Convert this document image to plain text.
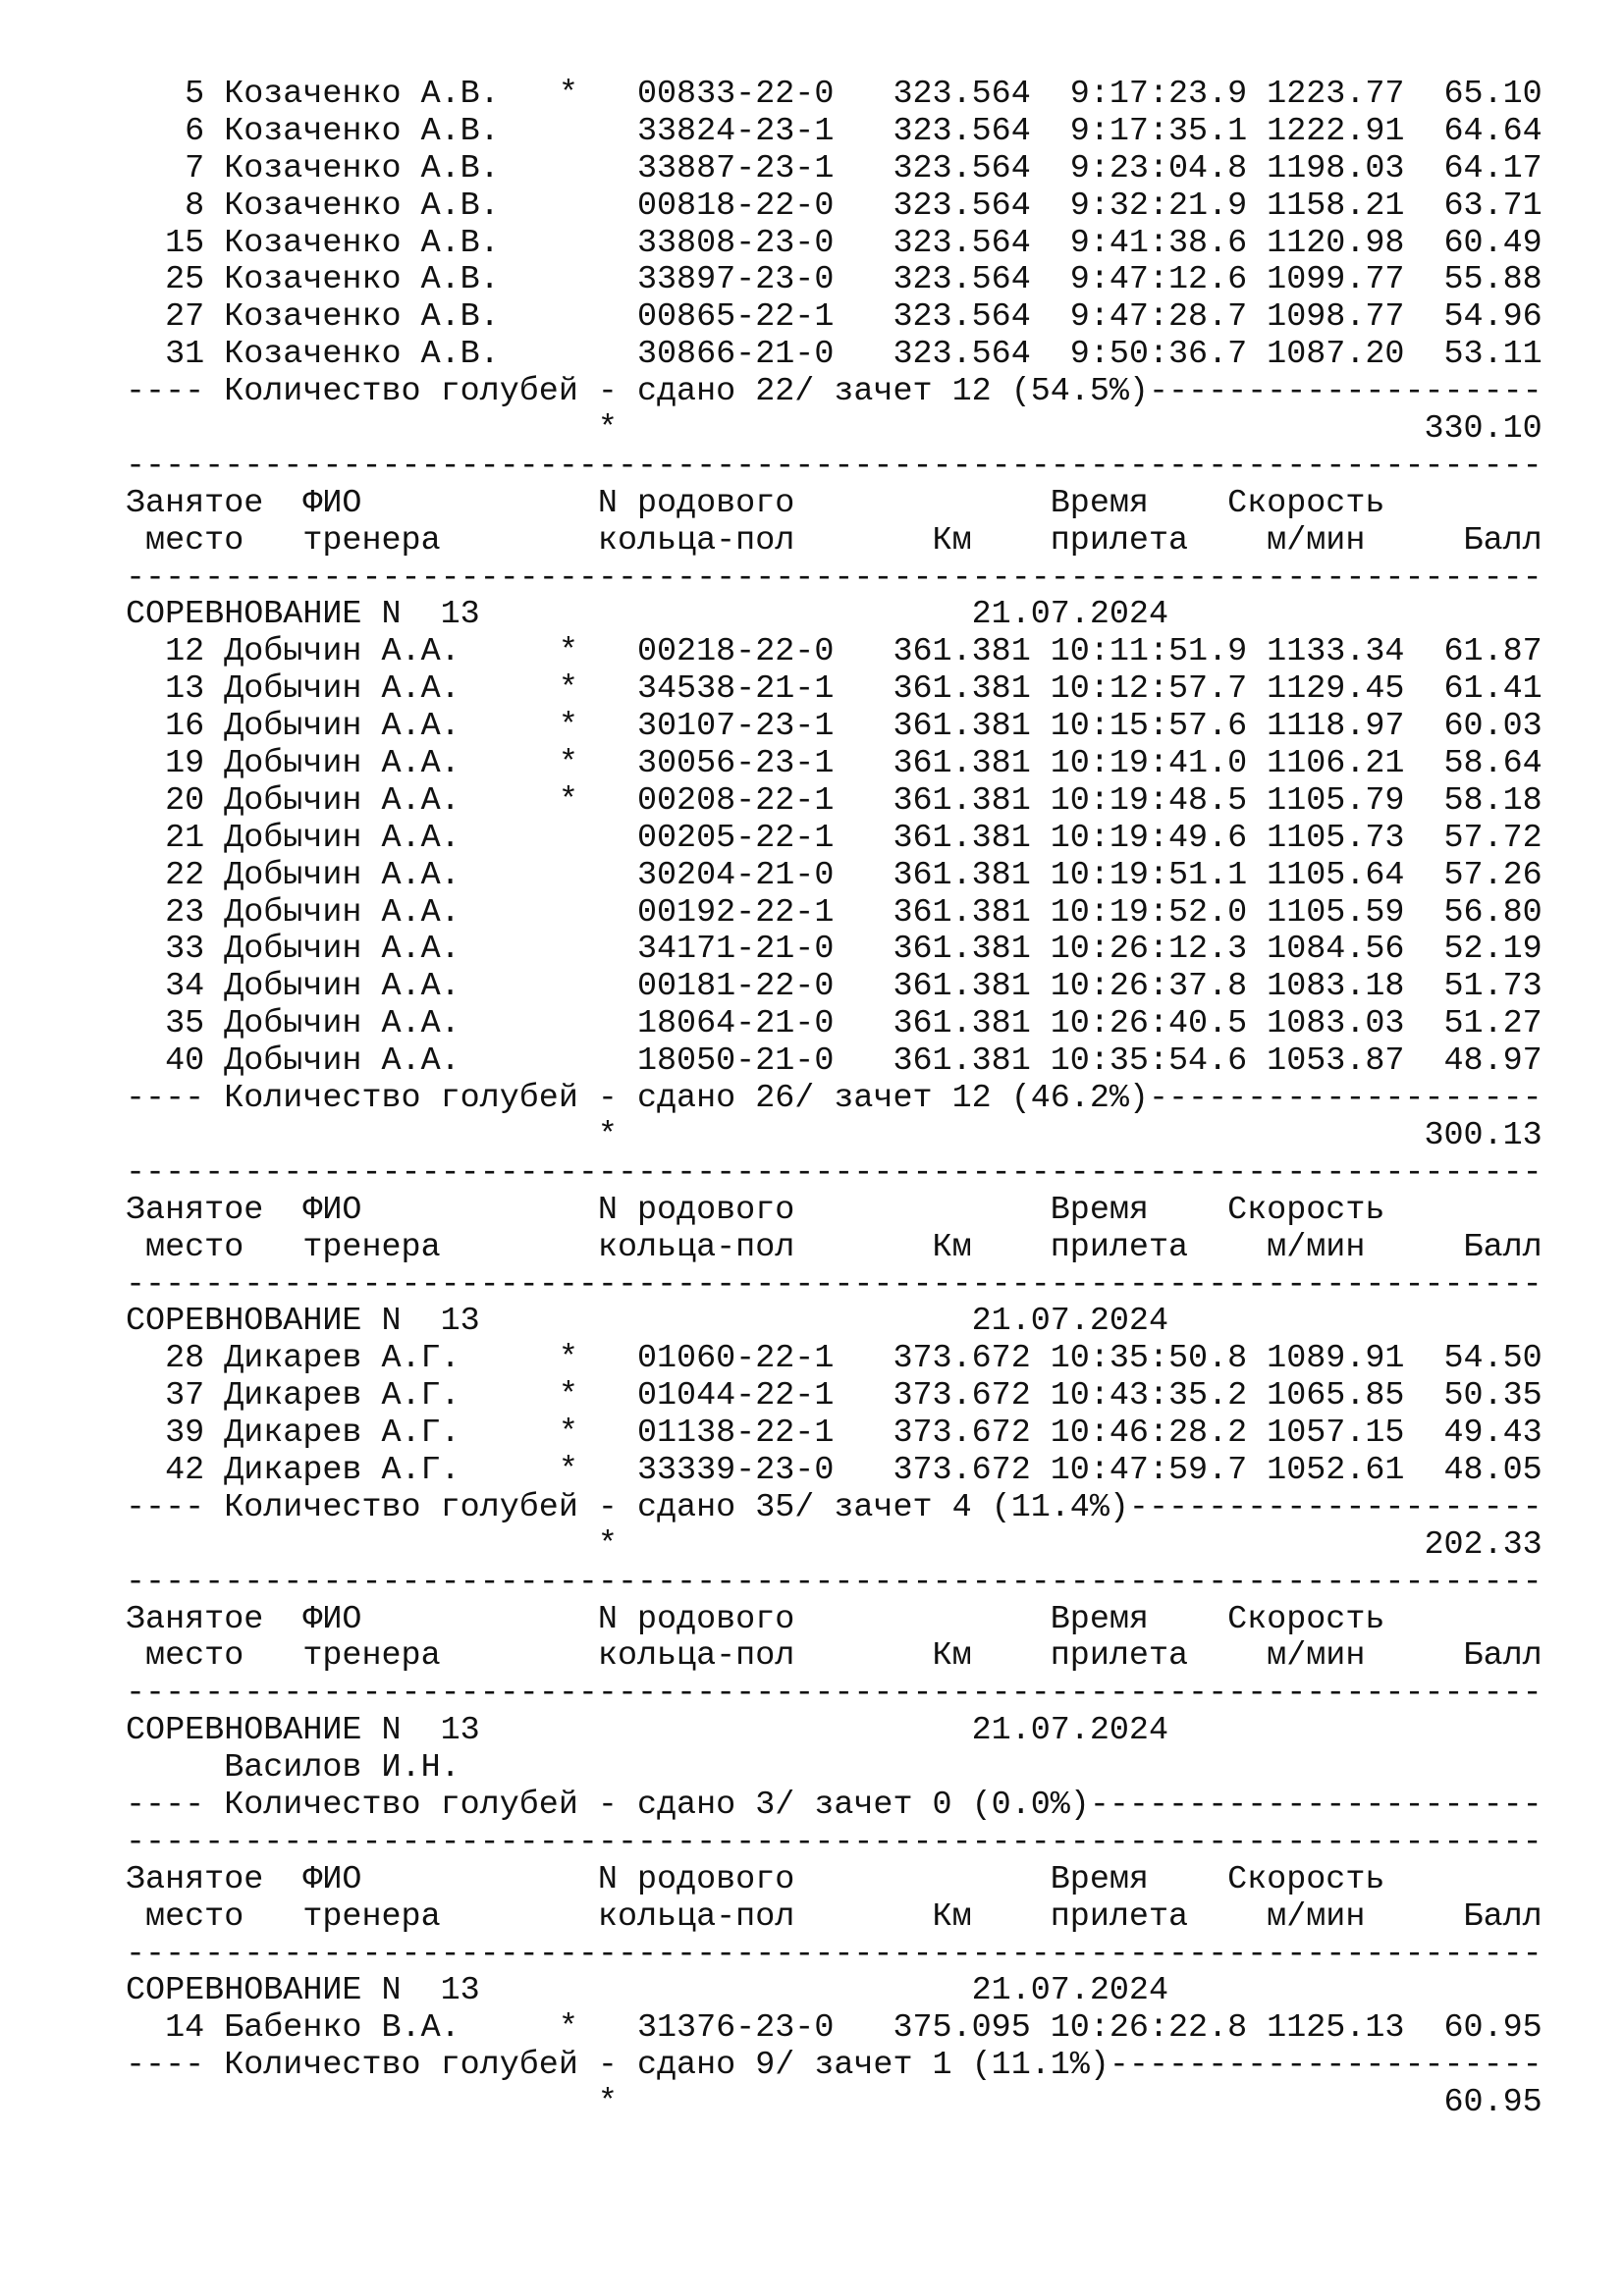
5 Козаченко А.В.   *   00833-22-0   323.564  9:17:23.9 1223.77  65.10
6 Козаченко А.В.       33824-23-1   323.564  9:17:35.1 1222.91  64.64
7 Козаченко А.В.       33887-23-1   323.564  9:23:04.8 1198.03  64.17
8 Козаченко А.В.       00818-22-0   323.564  9:32:21.9 1158.21  63.71
15 Козаченко А.В.       33808-23-0   323.564  9:41:38.6 1120.98  60.49
25 Козаченко А.В.       33897-23-0   323.564  9:47:12.6 1099.77  55.88
27 Козаченко А.В.       00865-22-1   323.564  9:47:28.7 1098.77  54.96
31 Козаченко А.В.       30866-21-0   323.564  9:50:36.7 1087.20  53.11
---- Количество голубей - сдано 22/ зачет 12 (54.5%)--------------------
*                                         330.10
------------------------------------------------------------------------
Занятое  ФИО            N родового             Время    Скорость
место   тренера        кольца-пол       Км    прилета    м/мин     Балл
------------------------------------------------------------------------
СОРЕВНОВАНИЕ N  13                         21.07.2024
12 Добычин А.А.     *   00218-22-0   361.381 10:11:51.9 1133.34  61.87
13 Добычин А.А.     *   34538-21-1   361.381 10:12:57.7 1129.45  61.41
16 Добычин А.А.     *   30107-23-1   361.381 10:15:57.6 1118.97  60.03
19 Добычин А.А.     *   30056-23-1   361.381 10:19:41.0 1106.21  58.64
20 Добычин А.А.     *   00208-22-1   361.381 10:19:48.5 1105.79  58.18
21 Добычин А.А.         00205-22-1   361.381 10:19:49.6 1105.73  57.72
22 Добычин А.А.         30204-21-0   361.381 10:19:51.1 1105.64  57.26
23 Добычин А.А.         00192-22-1   361.381 10:19:52.0 1105.59  56.80
33 Добычин А.А.         34171-21-0   361.381 10:26:12.3 1084.56  52.19
34 Добычин А.А.         00181-22-0   361.381 10:26:37.8 1083.18  51.73
35 Добычин А.А.         18064-21-0   361.381 10:26:40.5 1083.03  51.27
40 Добычин А.А.         18050-21-0   361.381 10:35:54.6 1053.87  48.97
---- Количество голубей - сдано 26/ зачет 12 (46.2%)--------------------
*                                         300.13
------------------------------------------------------------------------
Занятое  ФИО            N родового             Время    Скорость
место   тренера        кольца-пол       Км    прилета    м/мин     Балл
------------------------------------------------------------------------
СОРЕВНОВАНИЕ N  13                         21.07.2024
28 Дикарев А.Г.     *   01060-22-1   373.672 10:35:50.8 1089.91  54.50
37 Дикарев А.Г.     *   01044-22-1   373.672 10:43:35.2 1065.85  50.35
39 Дикарев А.Г.     *   01138-22-1   373.672 10:46:28.2 1057.15  49.43
42 Дикарев А.Г.     *   33339-23-0   373.672 10:47:59.7 1052.61  48.05
---- Количество голубей - сдано 35/ зачет 4 (11.4%)---------------------
*                                         202.33
------------------------------------------------------------------------
Занятое  ФИО            N родового             Время    Скорость
место   тренера        кольца-пол       Км    прилета    м/мин     Балл
------------------------------------------------------------------------
СОРЕВНОВАНИЕ N  13                         21.07.2024
Василов И.Н.
---- Количество голубей - сдано 3/ зачет 0 (0.0%)-----------------------
------------------------------------------------------------------------
Занятое  ФИО            N родового             Время    Скорость
место   тренера        кольца-пол       Км    прилета    м/мин     Балл
------------------------------------------------------------------------
СОРЕВНОВАНИЕ N  13                         21.07.2024
14 Бабенко В.А.     *   31376-23-0   375.095 10:26:22.8 1125.13  60.95
---- Количество голубей - сдано 9/ зачет 1 (11.1%)----------------------
*                                          60.95
